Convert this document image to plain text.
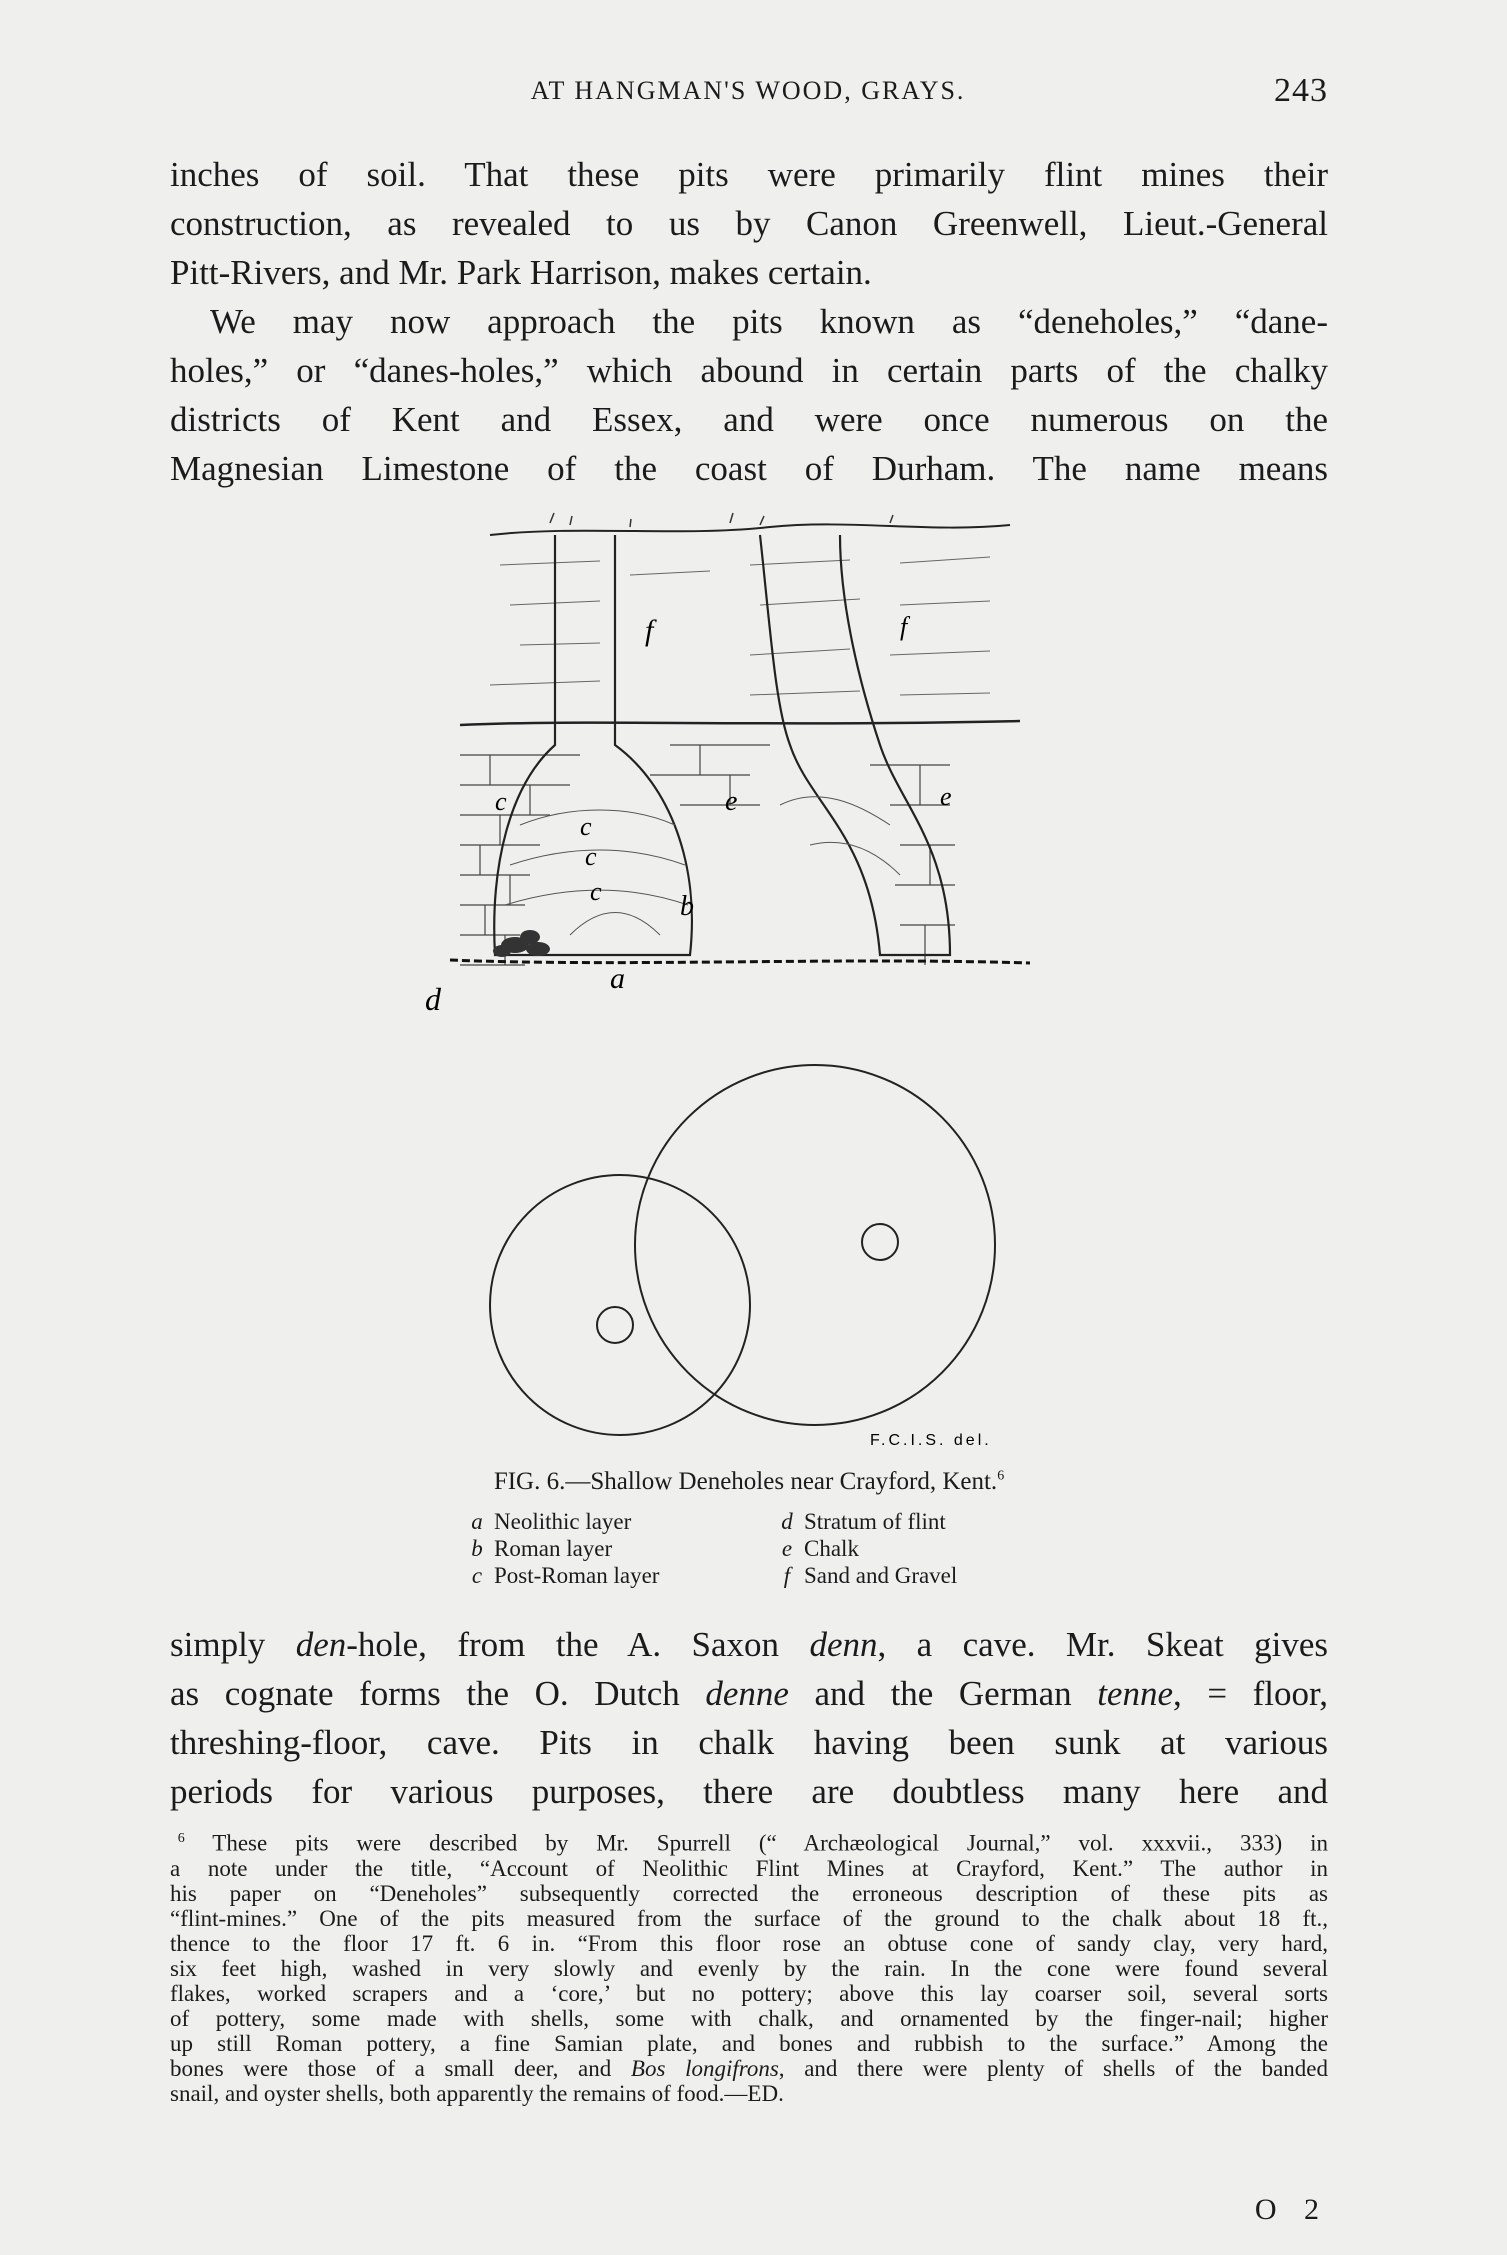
AT HANGMAN'S WOOD, GRAYS.	243

inches of soil. That these pits were primarily flint mines their
construction, as revealed to us by Canon Greenwell, Lieut.-General
Pitt-Rivers, and Mr. Park Harrison, makes certain.

We may now approach the pits known as “deneholes,” “dane-
holes,” or “danes-holes,” which abound in certain parts of the chalky
districts of Kent and Essex, and were once numerous on the
Magnesian Limestone of the coast of Durham. The name means

f	f
e	e
c
c
c
c	b
a
d
F.C.I.S. del.
FIG. 6.—Shallow Deneholes near Crayford, Kent.$^6$
a Neolithic layer	d Stratum of flint
b Roman layer	e Chalk
c Post-Roman layer	f Sand and Gravel

simply den-hole, from the A. Saxon denn, a cave. Mr. Skeat gives
as cognate forms the O. Dutch denne and the German tenne, = floor,
threshing-floor, cave. Pits in chalk having been sunk at various
periods for various purposes, there are doubtless many here and

    $^6$ These pits were described by Mr. Spurrell (“ Archæological Journal,” vol. xxxvii., 333) in
a note under the title, “Account of Neolithic Flint Mines at Crayford, Kent.” The author in
his paper on “Deneholes” subsequently corrected the erroneous description of these pits as
“flint-mines.” One of the pits measured from the surface of the ground to the chalk about 18 ft.,
thence to the floor 17 ft. 6 in. “From this floor rose an obtuse cone of sandy clay, very hard,
six feet high, washed in very slowly and evenly by the rain. In the cone were found several
flakes, worked scrapers and a ‘core,’ but no pottery; above this lay coarser soil, several sorts
of pottery, some made with shells, some with chalk, and ornamented by the finger-nail; higher
up still Roman pottery, a fine Samian plate, and bones and rubbish to the surface.” Among the
bones were those of a small deer, and Bos longifrons, and there were plenty of shells of the banded
snail, and oyster shells, both apparently the remains of food.—ED.

O 2
